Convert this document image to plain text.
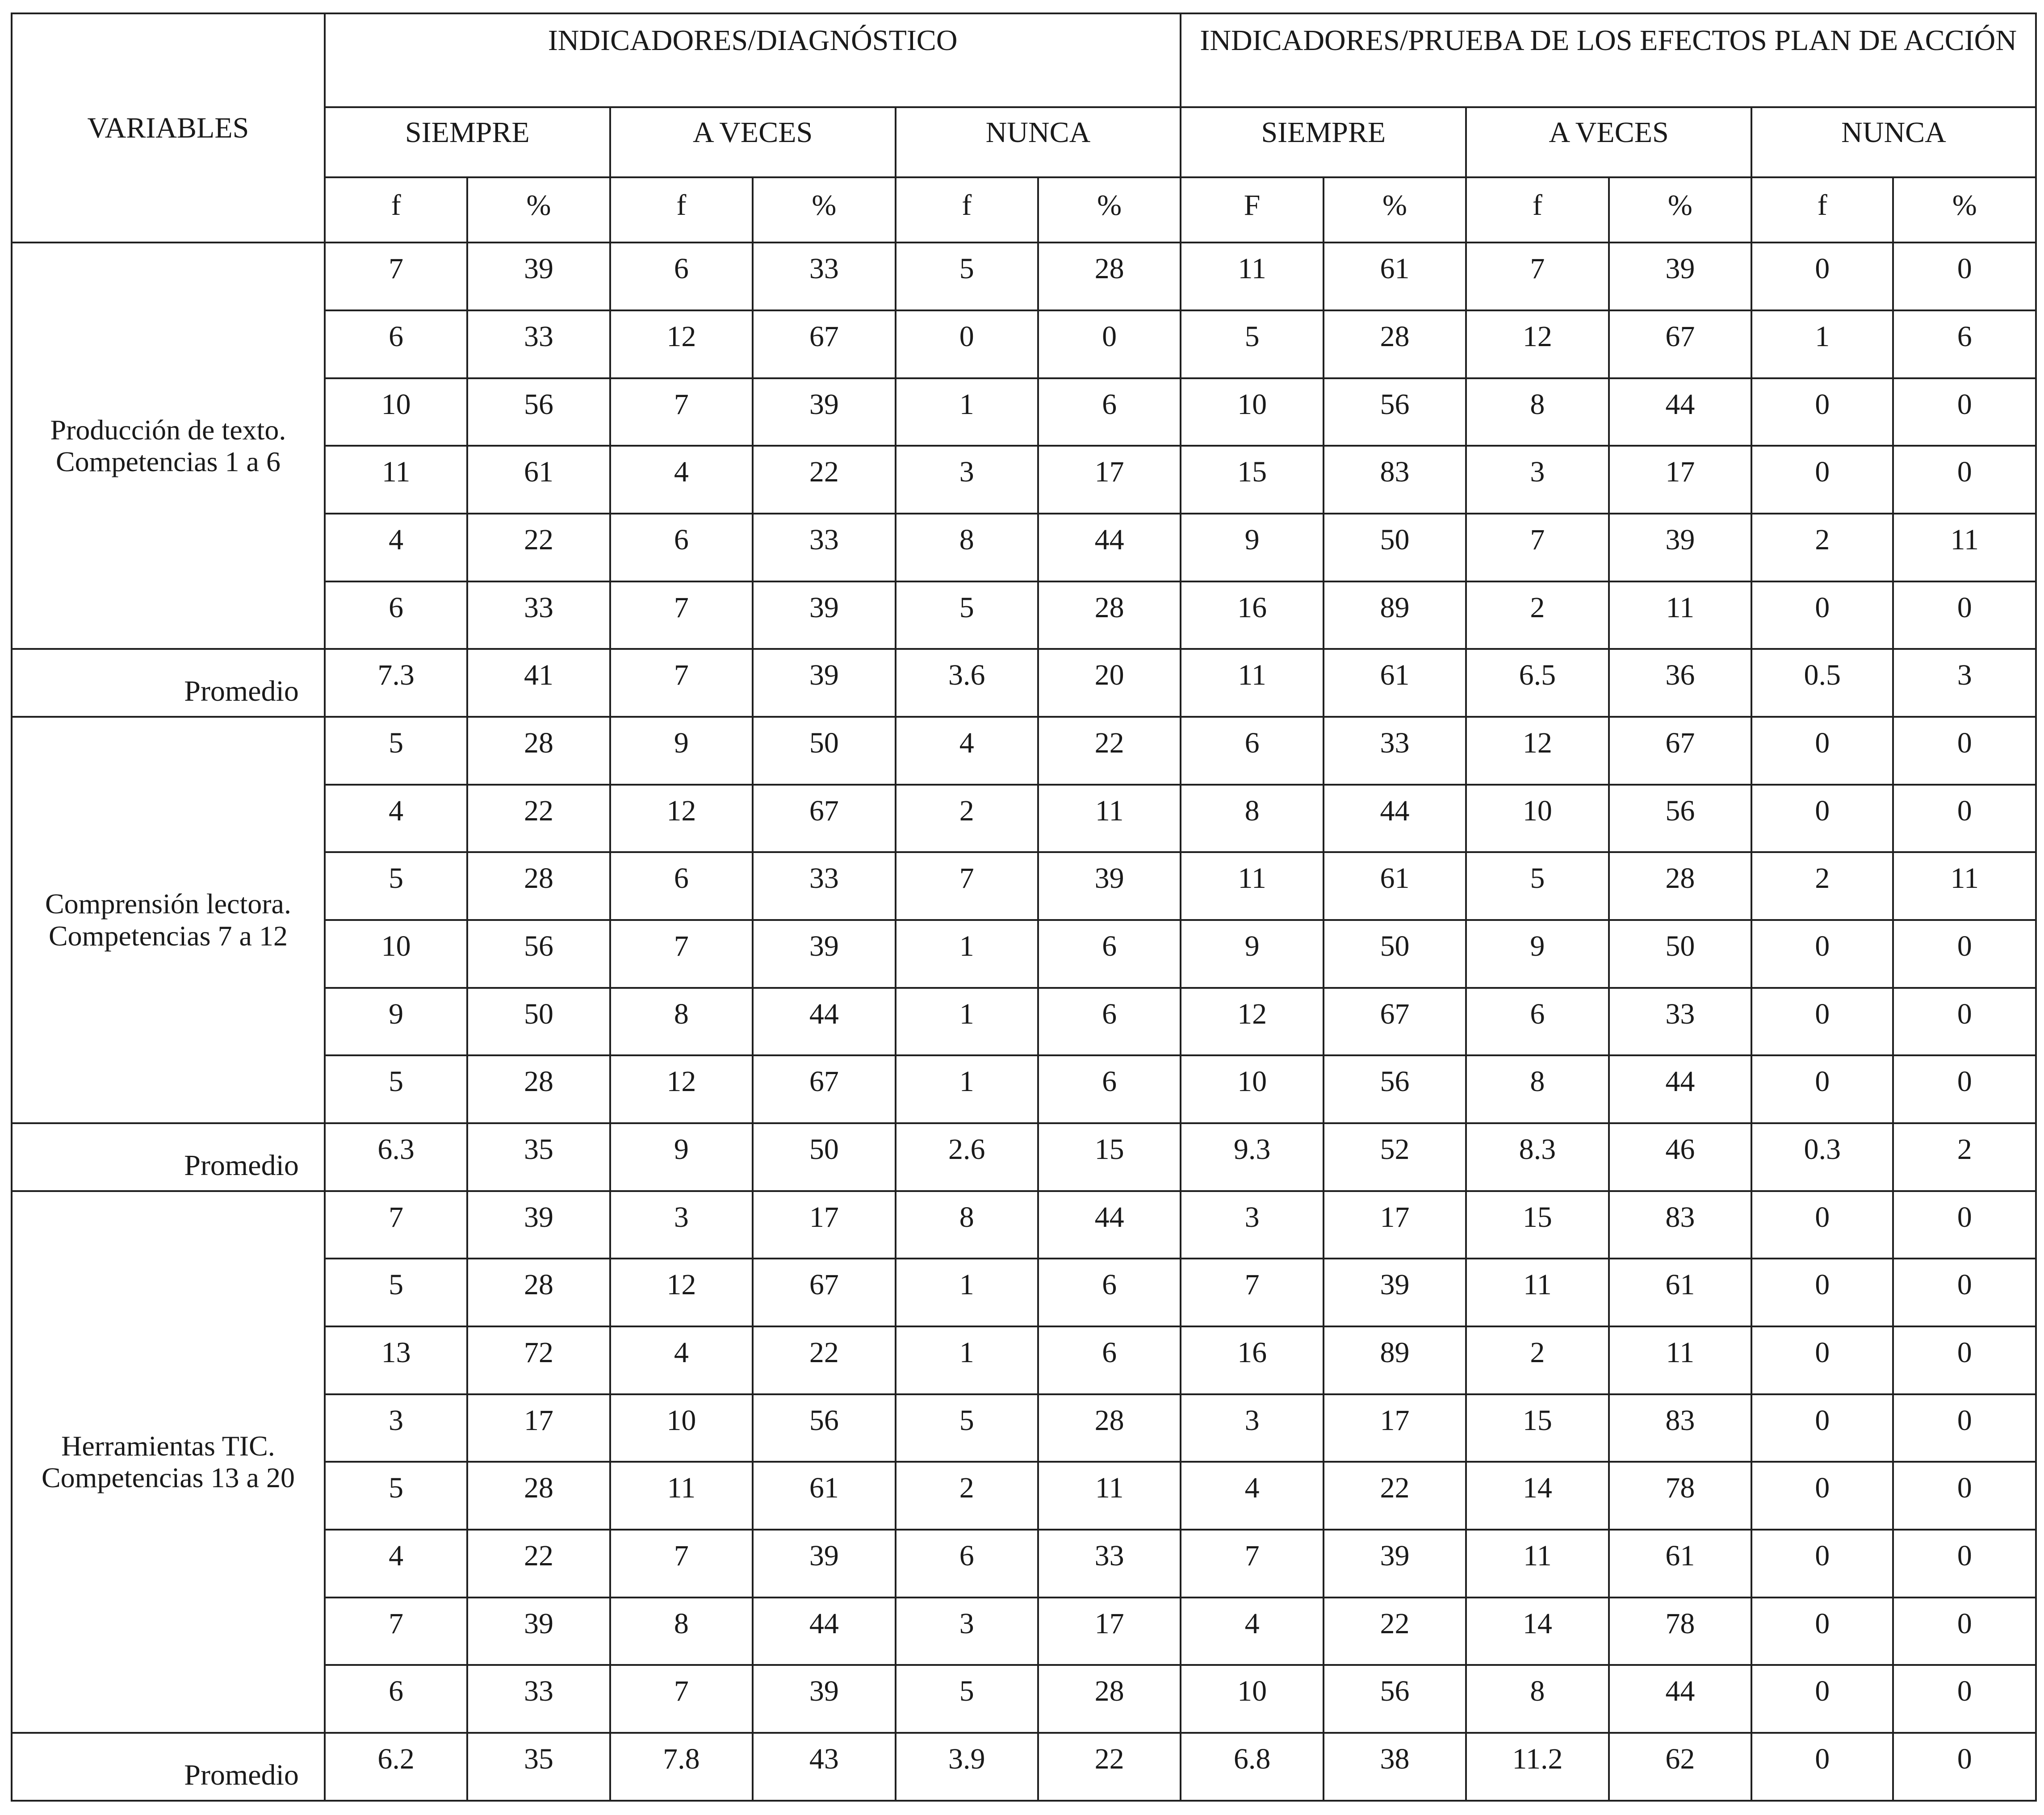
VARIABLES	INDICADORES/DIAGNÓSTICO						INDICADORES/PRUEBA DE LOS EFECTOS PLAN DE ACCIÓN					
	SIEMPRE		A VECES		NUNCA		SIEMPRE		A VECES		NUNCA	
	f	%	f	%	f	%	F	%	f	%	f	%
Producción de texto. Competencias 1 a 6	7	39	6	33	5	28	11	61	7	39	0	0
	6	33	12	67	0	0	5	28	12	67	1	6
	10	56	7	39	1	6	10	56	8	44	0	0
	11	61	4	22	3	17	15	83	3	17	0	0
	4	22	6	33	8	44	9	50	7	39	2	11
	6	33	7	39	5	28	16	89	2	11	0	0
Promedio	7.3	41	7	39	3.6	20	11	61	6.5	36	0.5	3
Comprensión lectora. Competencias 7 a 12	5	28	9	50	4	22	6	33	12	67	0	0
	4	22	12	67	2	11	8	44	10	56	0	0
	5	28	6	33	7	39	11	61	5	28	2	11
	10	56	7	39	1	6	9	50	9	50	0	0
	9	50	8	44	1	6	12	67	6	33	0	0
	5	28	12	67	1	6	10	56	8	44	0	0
Promedio	6.3	35	9	50	2.6	15	9.3	52	8.3	46	0.3	2
Herramientas TIC. Competencias 13 a 20	7	39	3	17	8	44	3	17	15	83	0	0
	5	28	12	67	1	6	7	39	11	61	0	0
	13	72	4	22	1	6	16	89	2	11	0	0
	3	17	10	56	5	28	3	17	15	83	0	0
	5	28	11	61	2	11	4	22	14	78	0	0
	4	22	7	39	6	33	7	39	11	61	0	0
	7	39	8	44	3	17	4	22	14	78	0	0
	6	33	7	39	5	28	10	56	8	44	0	0
Promedio	6.2	35	7.8	43	3.9	22	6.8	38	11.2	62	0	0
